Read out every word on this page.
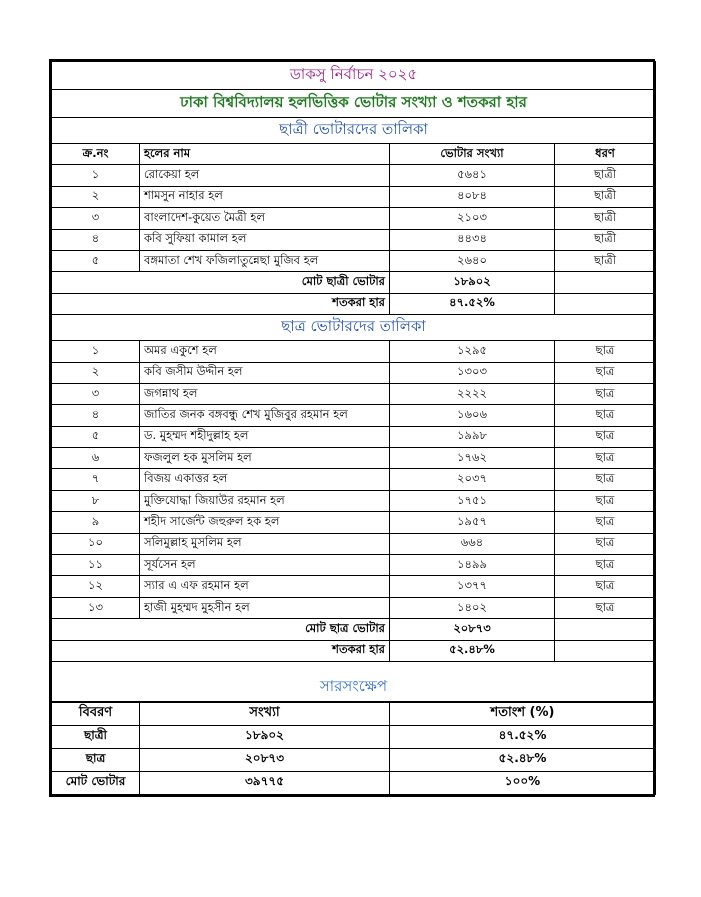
ডাকসু নির্বাচন ২০২৫			
ঢাকা বিশ্ববিদ্যালয় হলভিত্তিক ভোটার সংখ্যা ও শতকরা হার			
ছাত্রী ভোটারদের তালিকা			
ক্র.নং	হলের নাম	ভোটার সংখ্যা	ধরণ
১	রোকেয়া হল	৫৬৪১	ছাত্রী
২	শামসুন নাহার হল	৪০৮৪	ছাত্রী
৩	বাংলাদেশ-কুয়েত মৈত্রী হল	২১০৩	ছাত্রী
৪	কবি সুফিয়া কামাল হল	৪৪৩৪	ছাত্রী
৫	বঙ্গমাতা শেখ ফজিলাতুন্নেছা মুজিব হল	২৬৪০	ছাত্রী
মোট ছাত্রী ভোটার		১৮৯০২	
শতকরা হার		৪৭.৫২%	
ছাত্র ভোটারদের তালিকা			
১	অমর একুশে হল	১২৯৫	ছাত্র
২	কবি জসীম উদ্দীন হল	১৩০৩	ছাত্র
৩	জগন্নাথ হল	২২২২	ছাত্র
৪	জাতির জনক বঙ্গবন্ধু শেখ মুজিবুর রহমান হল	১৬০৬	ছাত্র
৫	ড. মুহম্মদ শহীদুল্লাহ হল	১৯৯৮	ছাত্র
৬	ফজলুল হক মুসলিম হল	১৭৬২	ছাত্র
৭	বিজয় একাত্তর হল	২০৩৭	ছাত্র
৮	মুক্তিযোদ্ধা জিয়াউর রহমান হল	১৭৫১	ছাত্র
৯	শহীদ সার্জেন্ট জহুরুল হক হল	১৯৫৭	ছাত্র
১০	সলিমুল্লাহ মুসলিম হল	৬৬৪	ছাত্র
১১	সূর্যসেন হল	১৪৯৯	ছাত্র
১২	স্যার এ এফ রহমান হল	১৩৭৭	ছাত্র
১৩	হাজী মুহম্মদ মুহসীন হল	১৪০২	ছাত্র
মোট ছাত্র ভোটার		২০৮৭৩	
শতকরা হার		৫২.৪৮%	

সারসংক্ষেপ			
বিবরণ	সংখ্যা	শতাংশ (%)
ছাত্রী	১৮৯০২	৪৭.৫২%
ছাত্র	২০৮৭৩	৫২.৪৮%
মোট ভোটার	৩৯৭৭৫	১০০%
